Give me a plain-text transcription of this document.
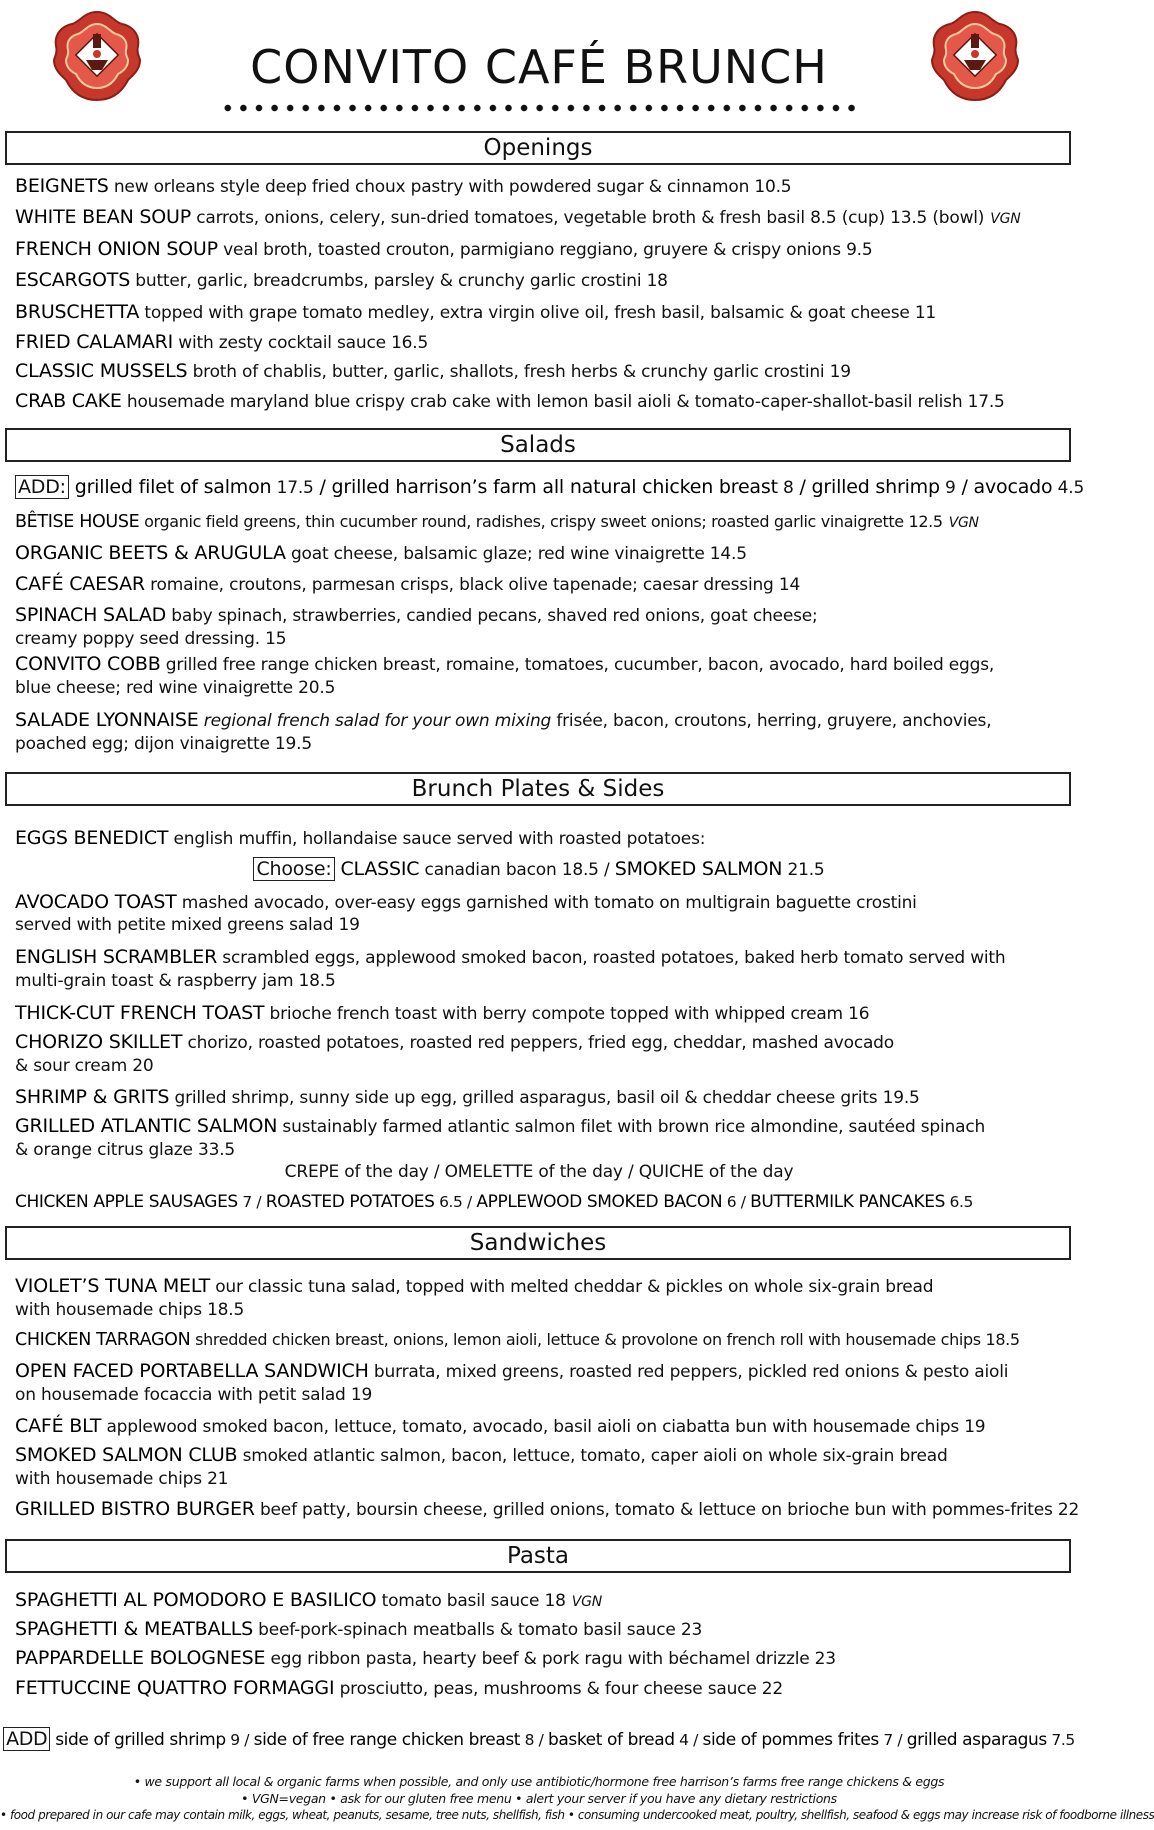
CONVITO CAFÉ BRUNCH
Openings
BEIGNETS new orleans style deep fried choux pastry with powdered sugar & cinnamon 10.5
WHITE BEAN SOUP carrots, onions, celery, sun-dried tomatoes, vegetable broth & fresh basil 8.5 (cup) 13.5 (bowl) VGN
FRENCH ONION SOUP veal broth, toasted crouton, parmigiano reggiano, gruyere & crispy onions 9.5
ESCARGOTS butter, garlic, breadcrumbs, parsley & crunchy garlic crostini 18
BRUSCHETTA topped with grape tomato medley, extra virgin olive oil, fresh basil, balsamic & goat cheese 11
FRIED CALAMARI with zesty cocktail sauce 16.5
CLASSIC MUSSELS broth of chablis, butter, garlic, shallots, fresh herbs & crunchy garlic crostini 19
CRAB CAKE housemade maryland blue crispy crab cake with lemon basil aioli & tomato-caper-shallot-basil relish 17.5
Salads
ADD: grilled filet of salmon 17.5 / grilled harrison’s farm all natural chicken breast 8 / grilled shrimp 9 / avocado 4.5
BÊTISE HOUSE organic field greens, thin cucumber round, radishes, crispy sweet onions; roasted garlic vinaigrette 12.5 VGN
ORGANIC BEETS & ARUGULA goat cheese, balsamic glaze; red wine vinaigrette 14.5
CAFÉ CAESAR romaine, croutons, parmesan crisps, black olive tapenade; caesar dressing 14
SPINACH SALAD baby spinach, strawberries, candied pecans, shaved red onions, goat cheese;
creamy poppy seed dressing. 15
CONVITO COBB grilled free range chicken breast, romaine, tomatoes, cucumber, bacon, avocado, hard boiled eggs,
blue cheese; red wine vinaigrette 20.5
SALADE LYONNAISE regional french salad for your own mixing frisée, bacon, croutons, herring, gruyere, anchovies,
poached egg; dijon vinaigrette 19.5
Brunch Plates & Sides
EGGS BENEDICT english muffin, hollandaise sauce served with roasted potatoes:
Choose: CLASSIC canadian bacon 18.5 / SMOKED SALMON 21.5
AVOCADO TOAST mashed avocado, over-easy eggs garnished with tomato on multigrain baguette crostini
served with petite mixed greens salad 19
ENGLISH SCRAMBLER scrambled eggs, applewood smoked bacon, roasted potatoes, baked herb tomato served with
multi-grain toast & raspberry jam 18.5
THICK-CUT FRENCH TOAST brioche french toast with berry compote topped with whipped cream 16
CHORIZO SKILLET chorizo, roasted potatoes, roasted red peppers, fried egg, cheddar, mashed avocado
& sour cream 20
SHRIMP & GRITS grilled shrimp, sunny side up egg, grilled asparagus, basil oil & cheddar cheese grits 19.5
GRILLED ATLANTIC SALMON sustainably farmed atlantic salmon filet with brown rice almondine, sautéed spinach
& orange citrus glaze 33.5
CREPE of the day / OMELETTE of the day / QUICHE of the day
CHICKEN APPLE SAUSAGES 7 / ROASTED POTATOES 6.5 / APPLEWOOD SMOKED BACON 6 / BUTTERMILK PANCAKES 6.5
Sandwiches
VIOLET’S TUNA MELT our classic tuna salad, topped with melted cheddar & pickles on whole six-grain bread
with housemade chips 18.5
CHICKEN TARRAGON shredded chicken breast, onions, lemon aioli, lettuce & provolone on french roll with housemade chips 18.5
OPEN FACED PORTABELLA SANDWICH burrata, mixed greens, roasted red peppers, pickled red onions & pesto aioli
on housemade focaccia with petit salad 19
CAFÉ BLT applewood smoked bacon, lettuce, tomato, avocado, basil aioli on ciabatta bun with housemade chips 19
SMOKED SALMON CLUB smoked atlantic salmon, bacon, lettuce, tomato, caper aioli on whole six-grain bread
with housemade chips 21
GRILLED BISTRO BURGER beef patty, boursin cheese, grilled onions, tomato & lettuce on brioche bun with pommes-frites 22
Pasta
SPAGHETTI AL POMODORO E BASILICO tomato basil sauce 18 VGN
SPAGHETTI & MEATBALLS beef-pork-spinach meatballs & tomato basil sauce 23
PAPPARDELLE BOLOGNESE egg ribbon pasta, hearty beef & pork ragu with béchamel drizzle 23
FETTUCCINE QUATTRO FORMAGGI prosciutto, peas, mushrooms & four cheese sauce 22
ADD side of grilled shrimp 9 / side of free range chicken breast 8 / basket of bread 4 / side of pommes frites 7 / grilled asparagus 7.5
• we support all local & organic farms when possible, and only use antibiotic/hormone free harrison’s farms free range chickens & eggs
• VGN=vegan • ask for our gluten free menu • alert your server if you have any dietary restrictions
• food prepared in our cafe may contain milk, eggs, wheat, peanuts, sesame, tree nuts, shellfish, fish • consuming undercooked meat, poultry, shellfish, seafood & eggs may increase risk of foodborne illness
